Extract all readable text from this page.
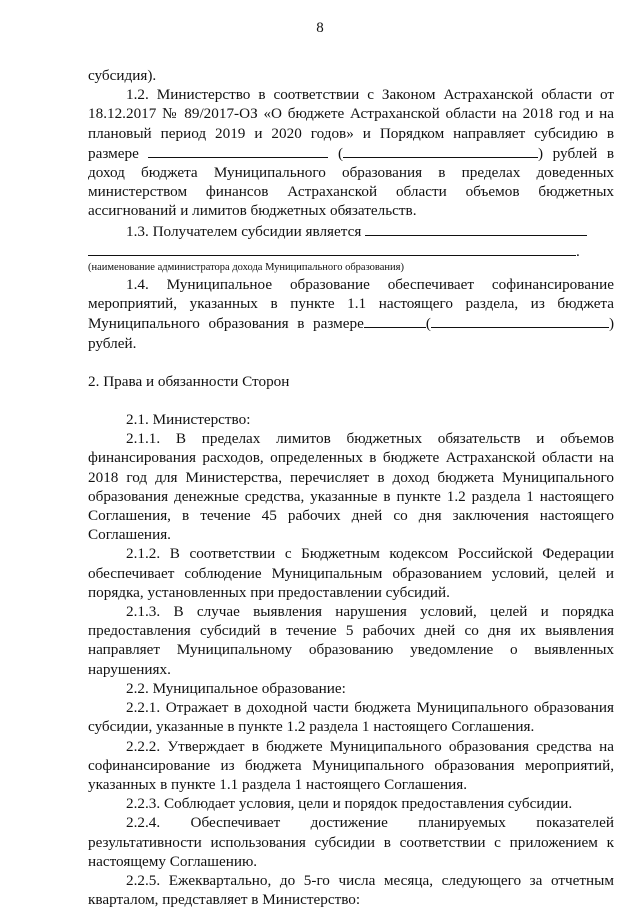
8

субсидия).

1.2. Министерство в соответствии с Законом Астраханской области от 18.12.2017 № 89/2017-ОЗ «О бюджете Астраханской области на 2018 год и на плановый период 2019 и 2020 годов» и Порядком направляет субсидию в размере	(	) рублей в доход бюджета Муниципального образования в пределах доведенных министерством финансов Астраханской области объемов бюджетных ассигнований и лимитов бюджетных обязательств.

1.3. Получателем субсидии является

.

(наименование администратора дохода Муниципального образования)

1.4. Муниципальное образование обеспечивает софинансирование мероприятий, указанных в пункте 1.1 настоящего раздела, из бюджета Муниципального образования в размере	(	) рублей.

2. Права и обязанности Сторон

2.1. Министерство:

2.1.1. В пределах лимитов бюджетных обязательств и объемов финансирования расходов, определенных в бюджете Астраханской области на 2018 год для Министерства, перечисляет в доход бюджета Муниципального образования денежные средства, указанные в пункте 1.2 раздела 1 настоящего Соглашения, в течение 45 рабочих дней со дня заключения настоящего Соглашения.

2.1.2. В соответствии с Бюджетным кодексом Российской Федерации обеспечивает соблюдение Муниципальным образованием условий, целей и порядка, установленных при предоставлении субсидий.

2.1.3. В случае выявления нарушения условий, целей и порядка предоставления субсидий в течение 5 рабочих дней со дня их выявления направляет Муниципальному образованию уведомление о выявленных нарушениях.

2.2. Муниципальное образование:

2.2.1. Отражает в доходной части бюджета Муниципального образования субсидии, указанные в пункте 1.2 раздела 1 настоящего Соглашения.

2.2.2. Утверждает в бюджете Муниципального образования средства на софинансирование из бюджета Муниципального образования мероприятий, указанных в пункте 1.1 раздела 1 настоящего Соглашения.

2.2.3. Соблюдает условия, цели и порядок предоставления субсидии.

2.2.4. Обеспечивает достижение планируемых показателей результативности использования субсидии в соответствии с приложением к настоящему Соглашению.

2.2.5. Ежеквартально, до 5-го числа месяца, следующего за отчетным кварталом, представляет в Министерство:
